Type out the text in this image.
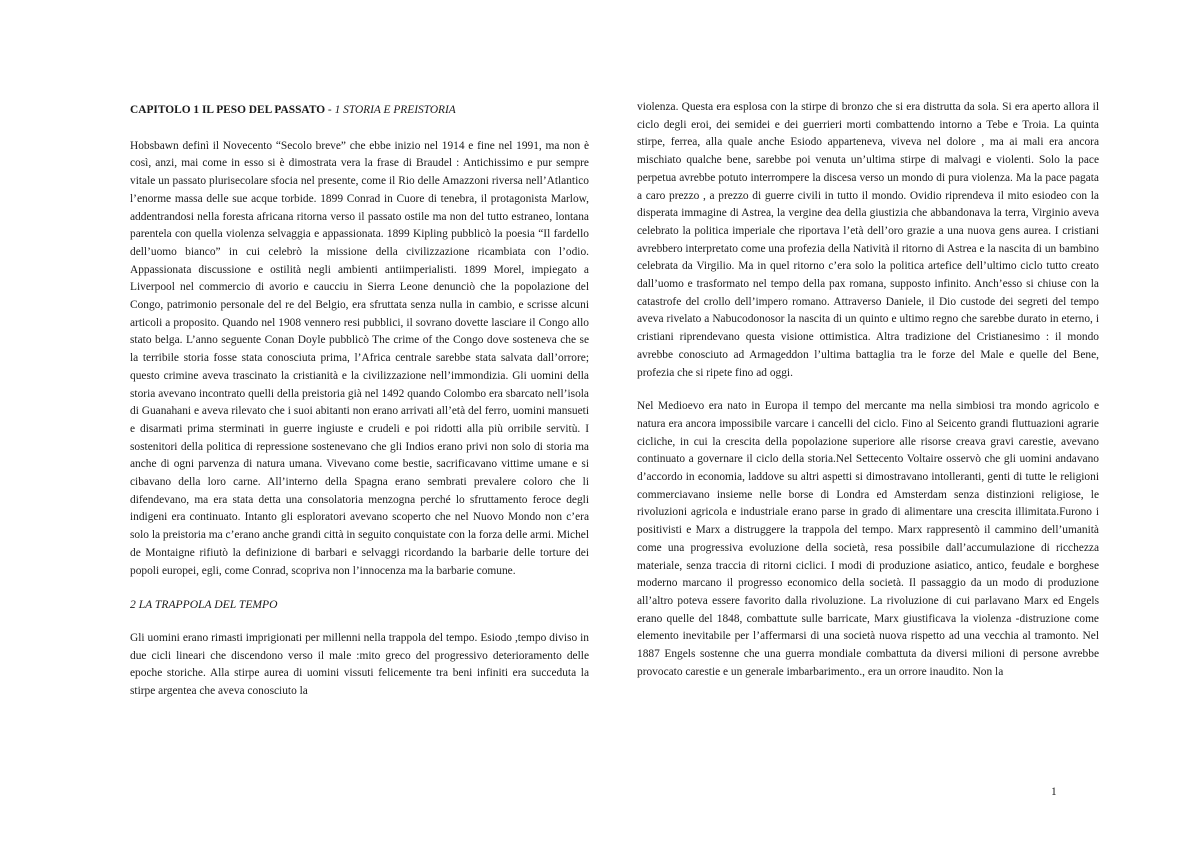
CAPITOLO 1 IL PESO DEL PASSATO - 1 STORIA E PREISTORIA

Hobsbawn definì il Novecento “Secolo breve” che ebbe inizio nel 1914 e fine nel 1991, ma non è così, anzi, mai come in esso si è dimostrata vera la frase di Braudel : Antichissimo e pur sempre vitale un passato plurisecolare sfocia nel presente, come il Rio delle Amazzoni riversa nell’Atlantico l’enorme massa delle sue acque torbide. 1899 Conrad in Cuore di tenebra, il protagonista Marlow, addentrandosi nella foresta africana ritorna verso il passato ostile ma non del tutto estraneo, lontana parentela con quella violenza selvaggia e appassionata. 1899 Kipling pubblicò la poesia “Il fardello dell’uomo bianco” in cui celebrò la missione della civilizzazione ricambiata con l’odio. Appassionata discussione e ostilità negli ambienti antiimperialisti. 1899 Morel, impiegato a Liverpool nel commercio di avorio e caucciu in Sierra Leone denunciò che la popolazione del Congo, patrimonio personale del re del Belgio, era sfruttata senza nulla in cambio, e scrisse alcuni articoli a proposito. Quando nel 1908 vennero resi pubblici, il sovrano dovette lasciare il Congo allo stato belga. L’anno seguente Conan Doyle pubblicò The crime of the Congo dove sosteneva che se la terribile storia fosse stata conosciuta prima, l’Africa centrale sarebbe stata salvata dall’orrore; questo crimine aveva trascinato la cristianità e la civilizzazione nell’immondizia. Gli uomini della storia avevano incontrato quelli della preistoria già nel 1492 quando Colombo era sbarcato nell’isola di Guanahani e aveva rilevato che i suoi abitanti non erano arrivati all’età del ferro, uomini mansueti e disarmati prima sterminati in guerre ingiuste e crudeli e poi ridotti alla più orribile servitù. I sostenitori della politica di repressione sostenevano che gli Indios erano privi non solo di storia ma anche di ogni parvenza di natura umana. Vivevano come bestie, sacrificavano vittime umane e si cibavano della loro carne. All’interno della Spagna erano sembrati prevalere coloro che li difendevano, ma era stata detta una consolatoria menzogna perché lo sfruttamento feroce degli indigeni era continuato. Intanto gli esploratori avevano scoperto che nel Nuovo Mondo non c’era solo la preistoria ma c’erano anche grandi città in seguito conquistate con la forza delle armi. Michel de Montaigne rifiutò la definizione di barbari e selvaggi ricordando la barbarie delle torture dei popoli europei, egli, come Conrad, scopriva non l’innocenza ma la barbarie comune.

2 LA TRAPPOLA DEL TEMPO

Gli uomini erano rimasti imprigionati per millenni nella trappola del tempo. Esiodo ,tempo diviso in due cicli lineari che discendono verso il male :mito greco del progressivo deterioramento delle epoche storiche. Alla stirpe aurea di uomini vissuti felicemente tra beni infiniti era succeduta la stirpe argentea che aveva conosciuto la

violenza. Questa era esplosa con la stirpe di bronzo che si era distrutta da sola. Si era aperto allora il ciclo degli eroi, dei semidei e dei guerrieri morti combattendo intorno a Tebe e Troia. La quinta stirpe, ferrea, alla quale anche Esiodo apparteneva, viveva nel dolore , ma ai mali era ancora mischiato qualche bene, sarebbe poi venuta un’ultima stirpe di malvagi e violenti. Solo la pace perpetua avrebbe potuto interrompere la discesa verso un mondo di pura violenza. Ma la pace pagata a caro prezzo , a prezzo di guerre civili in tutto il mondo. Ovidio riprendeva il mito esiodeo con la disperata immagine di Astrea, la vergine dea della giustizia che abbandonava la terra, Virginio aveva celebrato la politica imperiale che riportava l’età dell’oro grazie a una nuova gens aurea. I cristiani avrebbero interpretato come una profezia della Natività il ritorno di Astrea e la nascita di un bambino celebrata da Virgilio. Ma in quel ritorno c’era solo la politica artefice dell’ultimo ciclo tutto creato dall’uomo e trasformato nel tempo della pax romana, supposto infinito. Anch’esso si chiuse con la catastrofe del crollo dell’impero romano. Attraverso Daniele, il Dio custode dei segreti del tempo aveva rivelato a Nabucodonosor la nascita di un quinto e ultimo regno che sarebbe durato in eterno, i cristiani riprendevano questa visione ottimistica. Altra tradizione del Cristianesimo : il mondo avrebbe conosciuto ad Armageddon l’ultima battaglia tra le forze del Male e quelle del Bene, profezia che si ripete fino ad oggi.

Nel Medioevo era nato in Europa il tempo del mercante ma nella simbiosi tra mondo agricolo e natura era ancora impossibile varcare i cancelli del ciclo. Fino al Seicento grandi fluttuazioni agrarie cicliche, in cui la crescita della popolazione superiore alle risorse creava gravi carestie, avevano continuato a governare il ciclo della storia.Nel Settecento Voltaire osservò che gli uomini andavano d’accordo in economia, laddove su altri aspetti si dimostravano intolleranti, genti di tutte le religioni commerciavano insieme nelle borse di Londra ed Amsterdam senza distinzioni religiose, le rivoluzioni agricola e industriale erano parse in grado di alimentare una crescita illimitata.Furono i positivisti e Marx a distruggere la trappola del tempo. Marx rappresentò il cammino dell’umanità come una progressiva evoluzione della società, resa possibile dall’accumulazione di ricchezza materiale, senza traccia di ritorni ciclici. I modi di produzione asiatico, antico, feudale e borghese moderno marcano il progresso economico della società. Il passaggio da un modo di produzione all’altro poteva essere favorito dalla rivoluzione. La rivoluzione di cui parlavano Marx ed Engels erano quelle del 1848, combattute sulle barricate, Marx giustificava la violenza -distruzione come elemento inevitabile per l’affermarsi di una società nuova rispetto ad una vecchia al tramonto. Nel 1887 Engels sostenne che una guerra mondiale combattuta da diversi milioni di persone avrebbe provocato carestie e un generale imbarbarimento., era un orrore inaudito. Non la

1
